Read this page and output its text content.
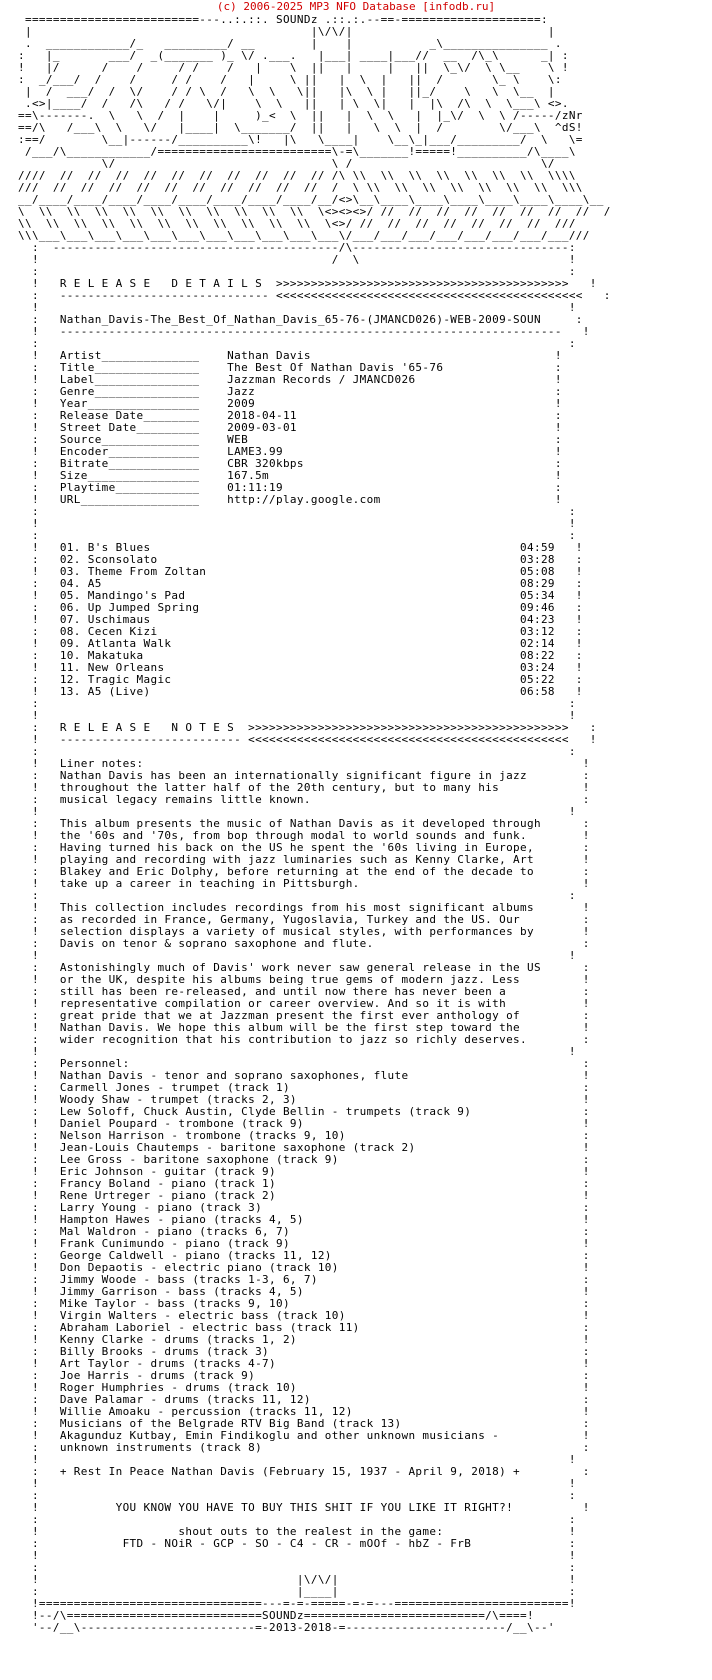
(c) 2006-2025 MP3 NFO Database [infodb.ru]
=========================---..:.::. SOUNDz .::.:.--==-====================:
|                                        |\/\/|                            |
.  ____________/_   _________/ __        |    |           _\_______________ .
:   |_       ___/  _(_______ )_ \/ .___.   |___| ____|___//  __  /\_\      _| :
!   |/      /    /     / /    /   |    \  ||   |     |   ||  \_\/  \ \__    \ !
:  _/___/  /    /     / /    /   |     \ ||   |  \  |   ||  /       \_ \    \:
|  /  ___/  /  \/    / / \  /   \  \   \||   |\  \ |   ||_/    \   \  \__  |
.<>|____/  /   /\   / /   \/|    \  \   ||   | \  \|   |  |\  /\  \  \___\ <>.
==\-------.  \   \  /  |    |     )_<  \  ||   |  \  \   |  |_\/  \  \ /-----/zNr
==/\   /___\  \   \/   |____|  \_______/  ||   |   \  \  |  /        \/___\  ^dS!
:==/        \__|------/__________\!   |\   \____|    \__\_|___/_________/  \   \=
/___/\____________/=========================\-=\_______!=====!__________/\____\
\/                               \ /                           \/
////  //  //  //  //  //  //  //  //  //  // /\ \\  \\  \\  \\  \\  \\  \\  \\\\
///  //  //  //  //  //  //  //  //  //  //  /  \ \\  \\  \\  \\  \\  \\  \\  \\\
__/____/____/____/____/____/____/____/____/__/<>\__\____\____\____\____\____\____\__
\  \\  \\  \\  \\  \\  \\  \\  \\  \\  \\  \<><><>/ //  //  //  //  //  //  //  //  /
\\  \\  \\  \\  \\  \\  \\  \\  \\  \\  \\  \<>/ //  //  //  //  //  //  //  ///
\\\___\___\___\___\___\___\___\___\___\___\___\/___/___/___/___/___/___/___/___///
:  -----------------------------------------/\-------------------------------:
!                                          /  \                              !
:                                                                            :
!   R E L E A S E   D E T A I L S  >>>>>>>>>>>>>>>>>>>>>>>>>>>>>>>>>>>>>>>>>>   !
:   ------------------------------ <<<<<<<<<<<<<<<<<<<<<<<<<<<<<<<<<<<<<<<<<<<<   :
!                                                                            !
:   Nathan_Davis-The_Best_Of_Nathan_Davis_65-76-(JMANCD026)-WEB-2009-SOUN     :
!   ------------------------------------------------------------------------   !
:                                                                            :
!   Artist______________    Nathan Davis                                   !
:   Title_______________    The Best Of Nathan Davis '65-76                :
!   Label_______________    Jazzman Records / JMANCD026                    !
:   Genre_______________    Jazz                                           :
!   Year________________    2009                                           !
:   Release Date________    2018-04-11                                     :
!   Street Date_________    2009-03-01                                     !
:   Source______________    WEB                                            :
!   Encoder_____________    LAME3.99                                       !
:   Bitrate_____________    CBR 320kbps                                    :
!   Size________________    167.5m                                         !
:   Playtime____________    01:11:19                                       :
!   URL_________________    http://play.google.com                         !
:                                                                            :
!                                                                            !
:                                                                            :
!   01. B's Blues                                                     04:59   !
:   02. Sconsolato                                                    03:28   :
!   03. Theme From Zoltan                                             05:08   !
:   04. A5                                                            08:29   :
!   05. Mandingo's Pad                                                05:34   !
:   06. Up Jumped Spring                                              09:46   :
!   07. Uschimaus                                                     04:23   !
:   08. Cecen Kizi                                                    03:12   :
!   09. Atlanta Walk                                                  02:14   !
:   10. Makatuka                                                      08:22   :
!   11. New Orleans                                                   03:24   !
:   12. Tragic Magic                                                  05:22   :
!   13. A5 (Live)                                                     06:58   !
:                                                                            :
!                                                                            !
:   R E L E A S E   N O T E S  >>>>>>>>>>>>>>>>>>>>>>>>>>>>>>>>>>>>>>>>>>>>>>   :
!   -------------------------- <<<<<<<<<<<<<<<<<<<<<<<<<<<<<<<<<<<<<<<<<<<<<<   !
:                                                                            :
!   Liner notes:                                                               !
:   Nathan Davis has been an internationally significant figure in jazz        :
!   throughout the latter half of the 20th century, but to many his            !
:   musical legacy remains little known.                                       :
!                                                                            !
:   This album presents the music of Nathan Davis as it developed through      :
!   the '60s and '70s, from bop through modal to world sounds and funk.        !
:   Having turned his back on the US he spent the '60s living in Europe,       :
!   playing and recording with jazz luminaries such as Kenny Clarke, Art       !
:   Blakey and Eric Dolphy, before returning at the end of the decade to       :
!   take up a career in teaching in Pittsburgh.                                !
:                                                                            :
!   This collection includes recordings from his most significant albums       !
:   as recorded in France, Germany, Yugoslavia, Turkey and the US. Our         :
!   selection displays a variety of musical styles, with performances by       !
:   Davis on tenor & soprano saxophone and flute.                              :
!                                                                            !
:   Astonishingly much of Davis' work never saw general release in the US      :
!   or the UK, despite his albums being true gems of modern jazz. Less         !
:   still has been re-released, and until now there has never been a           :
!   representative compilation or career overview. And so it is with           !
:   great pride that we at Jazzman present the first ever anthology of         :
!   Nathan Davis. We hope this album will be the first step toward the         !
:   wider recognition that his contribution to jazz so richly deserves.        :
!                                                                            !
:   Personnel:                                                                 :
!   Nathan Davis - tenor and soprano saxophones, flute                         !
:   Carmell Jones - trumpet (track 1)                                          :
!   Woody Shaw - trumpet (tracks 2, 3)                                         !
:   Lew Soloff, Chuck Austin, Clyde Bellin - trumpets (track 9)                :
!   Daniel Poupard - trombone (track 9)                                        !
:   Nelson Harrison - trombone (tracks 9, 10)                                  :
!   Jean-Louis Chautemps - baritone saxophone (track 2)                        !
:   Lee Gross - baritone saxophone (track 9)                                   :
!   Eric Johnson - guitar (track 9)                                            !
:   Francy Boland - piano (track 1)                                            :
!   Rene Urtreger - piano (track 2)                                            !
:   Larry Young - piano (track 3)                                              :
!   Hampton Hawes - piano (tracks 4, 5)                                        !
:   Mal Waldron - piano (tracks 6, 7)                                          :
!   Frank Cunimundo - piano (track 9)                                          !
:   George Caldwell - piano (tracks 11, 12)                                    :
!   Don Depaotis - electric piano (track 10)                                   !
:   Jimmy Woode - bass (tracks 1-3, 6, 7)                                      :
!   Jimmy Garrison - bass (tracks 4, 5)                                        !
:   Mike Taylor - bass (tracks 9, 10)                                          :
!   Virgin Walters - electric bass (track 10)                                  !
:   Abraham Laboriel - electric bass (track 11)                                :
!   Kenny Clarke - drums (tracks 1, 2)                                         !
:   Billy Brooks - drums (track 3)                                             :
!   Art Taylor - drums (tracks 4-7)                                            !
:   Joe Harris - drums (track 9)                                               :
!   Roger Humphries - drums (track 10)                                         !
:   Dave Palamar - drums (tracks 11, 12)                                       :
!   Willie Amoaku - percussion (tracks 11, 12)                                 !
:   Musicians of the Belgrade RTV Big Band (track 13)                          :
!   Akagunduz Kutbay, Emin Findikoglu and other unknown musicians -            !
:   unknown instruments (track 8)                                              :
!                                                                            !
:   + Rest In Peace Nathan Davis (February 15, 1937 - April 9, 2018) +         :
!                                                                            !
:                                                                            :
!           YOU KNOW YOU HAVE TO BUY THIS SHIT IF YOU LIKE IT RIGHT?!          !
:                                                                            :
!                    shout outs to the realest in the game:                  !
:            FTD - NOiR - GCP - SO - C4 - CR - mOOf - hbZ - FrB              :
!                                                                            !
:                                                                            :
!                                     |\/\/|                                 !
:                                     |____|                                 :
!================================---=-=-=====-=-=---=========================!
!--/\============================SOUNDz==========================/\====!
'--/__\-------------------------=-2013-2018-=-----------------------/__\--'
